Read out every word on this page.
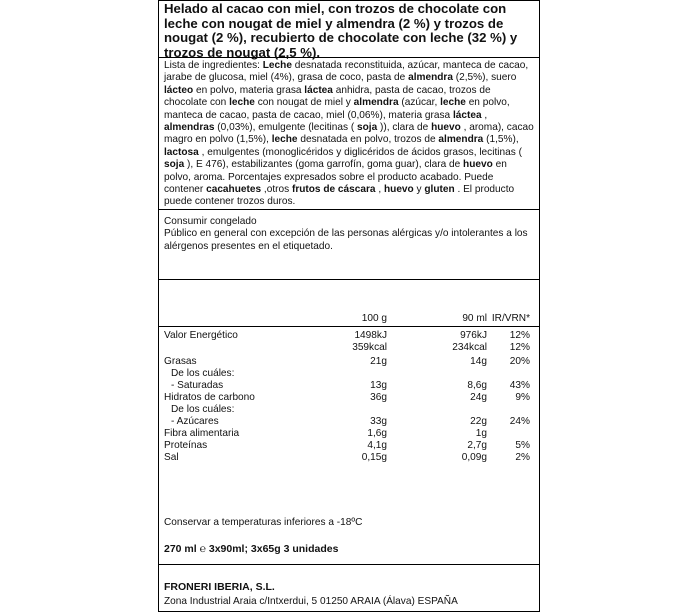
Helado al cacao con miel, con trozos de chocolate con leche con nougat de miel y almendra (2 %) y trozos de nougat (2 %), recubierto de chocolate con leche (32 %) y trozos de nougat (2,5 %).
Lista de ingredientes: Leche desnatada reconstituida, azúcar, manteca de cacao, jarabe de glucosa, miel (4%), grasa de coco, pasta de almendra (2,5%), suero lácteo en polvo, materia grasa láctea anhidra, pasta de cacao, trozos de chocolate con leche con nougat de miel y almendra (azúcar, leche en polvo, manteca de cacao, pasta de cacao, miel (0,06%), materia grasa láctea , almendras (0,03%), emulgente (lecitinas ( soja )), clara de huevo , aroma), cacao magro en polvo (1,5%), leche desnatada en polvo, trozos de almendra (1,5%), lactosa , emulgentes (monoglicéridos y diglicéridos de ácidos grasos, lecitinas ( soja ), E 476), estabilizantes (goma garrofín, goma guar), clara de huevo en polvo, aroma. Porcentajes expresados sobre el producto acabado. Puede contener cacahuetes ,otros frutos de cáscara , huevo y gluten . El producto puede contener trozos duros.
Consumir congelado
Público en general con excepción de las personas alérgicas y/o intolerantes a los alérgenos presentes en el etiquetado.
100 g	90 ml IR/VRN*
Valor Energético	1498kJ	976kJ 12%
359kcal	234kcal 12%
Grasas	21g	14g 20%
De los cuáles:
- Saturadas	13g	8,6g 43%
Hidratos de carbono	36g	24g	9%
De los cuáles:
- Azúcares	33g	22g 24%
Fibra alimentaria	1,6g	1g
Proteínas	4,1g	2,7g	5%
Sal	0,15g	0,09g	2%
Conservar a temperaturas inferiores a -18ºC
270 ml ℮ 3x90ml; 3x65g 3 unidades
FRONERI IBERIA, S.L.
Zona Industrial Araia c/Intxerdui, 5 01250 ARAIA (Álava) ESPAÑA
